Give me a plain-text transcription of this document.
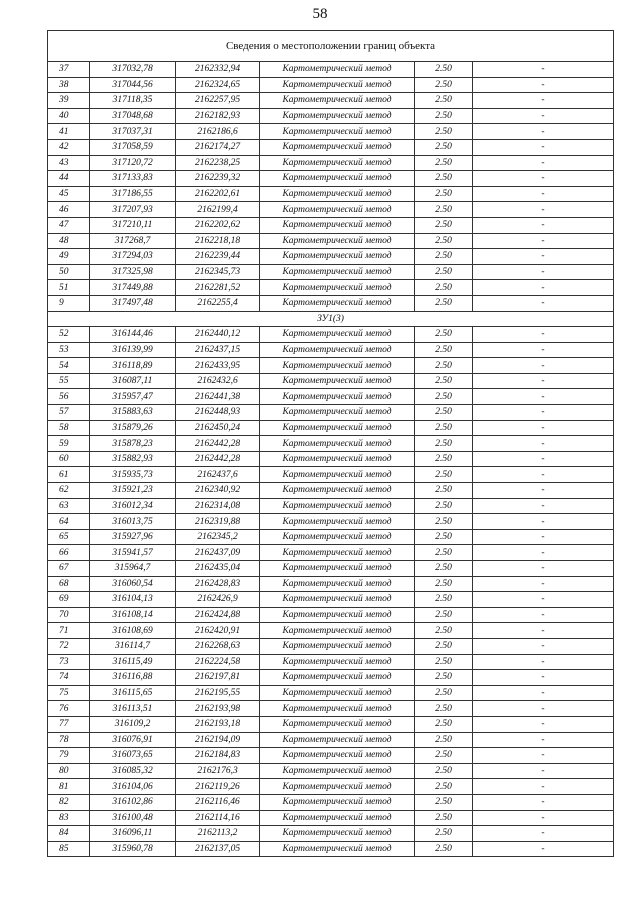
58
Сведения о местоположении границ объекта					
37	317032,78	2162332,94	Картометрический метод	2.50	-
38	317044,56	2162324,65	Картометрический метод	2.50	-
39	317118,35	2162257,95	Картометрический метод	2.50	-
40	317048,68	2162182,93	Картометрический метод	2.50	-
41	317037,31	2162186,6	Картометрический метод	2.50	-
42	317058,59	2162174,27	Картометрический метод	2.50	-
43	317120,72	2162238,25	Картометрический метод	2.50	-
44	317133,83	2162239,32	Картометрический метод	2.50	-
45	317186,55	2162202,61	Картометрический метод	2.50	-
46	317207,93	2162199,4	Картометрический метод	2.50	-
47	317210,11	2162202,62	Картометрический метод	2.50	-
48	317268,7	2162218,18	Картометрический метод	2.50	-
49	317294,03	2162239,44	Картометрический метод	2.50	-
50	317325,98	2162345,73	Картометрический метод	2.50	-
51	317449,88	2162281,52	Картометрический метод	2.50	-
9	317497,48	2162255,4	Картометрический метод	2.50	-
ЗУ1(3)					
52	316144,46	2162440,12	Картометрический метод	2.50	-
53	316139,99	2162437,15	Картометрический метод	2.50	-
54	316118,89	2162433,95	Картометрический метод	2.50	-
55	316087,11	2162432,6	Картометрический метод	2.50	-
56	315957,47	2162441,38	Картометрический метод	2.50	-
57	315883,63	2162448,93	Картометрический метод	2.50	-
58	315879,26	2162450,24	Картометрический метод	2.50	-
59	315878,23	2162442,28	Картометрический метод	2.50	-
60	315882,93	2162442,28	Картометрический метод	2.50	-
61	315935,73	2162437,6	Картометрический метод	2.50	-
62	315921,23	2162340,92	Картометрический метод	2.50	-
63	316012,34	2162314,08	Картометрический метод	2.50	-
64	316013,75	2162319,88	Картометрический метод	2.50	-
65	315927,96	2162345,2	Картометрический метод	2.50	-
66	315941,57	2162437,09	Картометрический метод	2.50	-
67	315964,7	2162435,04	Картометрический метод	2.50	-
68	316060,54	2162428,83	Картометрический метод	2.50	-
69	316104,13	2162426,9	Картометрический метод	2.50	-
70	316108,14	2162424,88	Картометрический метод	2.50	-
71	316108,69	2162420,91	Картометрический метод	2.50	-
72	316114,7	2162268,63	Картометрический метод	2.50	-
73	316115,49	2162224,58	Картометрический метод	2.50	-
74	316116,88	2162197,81	Картометрический метод	2.50	-
75	316115,65	2162195,55	Картометрический метод	2.50	-
76	316113,51	2162193,98	Картометрический метод	2.50	-
77	316109,2	2162193,18	Картометрический метод	2.50	-
78	316076,91	2162194,09	Картометрический метод	2.50	-
79	316073,65	2162184,83	Картометрический метод	2.50	-
80	316085,32	2162176,3	Картометрический метод	2.50	-
81	316104,06	2162119,26	Картометрический метод	2.50	-
82	316102,86	2162116,46	Картометрический метод	2.50	-
83	316100,48	2162114,16	Картометрический метод	2.50	-
84	316096,11	2162113,2	Картометрический метод	2.50	-
85	315960,78	2162137,05	Картометрический метод	2.50	-
